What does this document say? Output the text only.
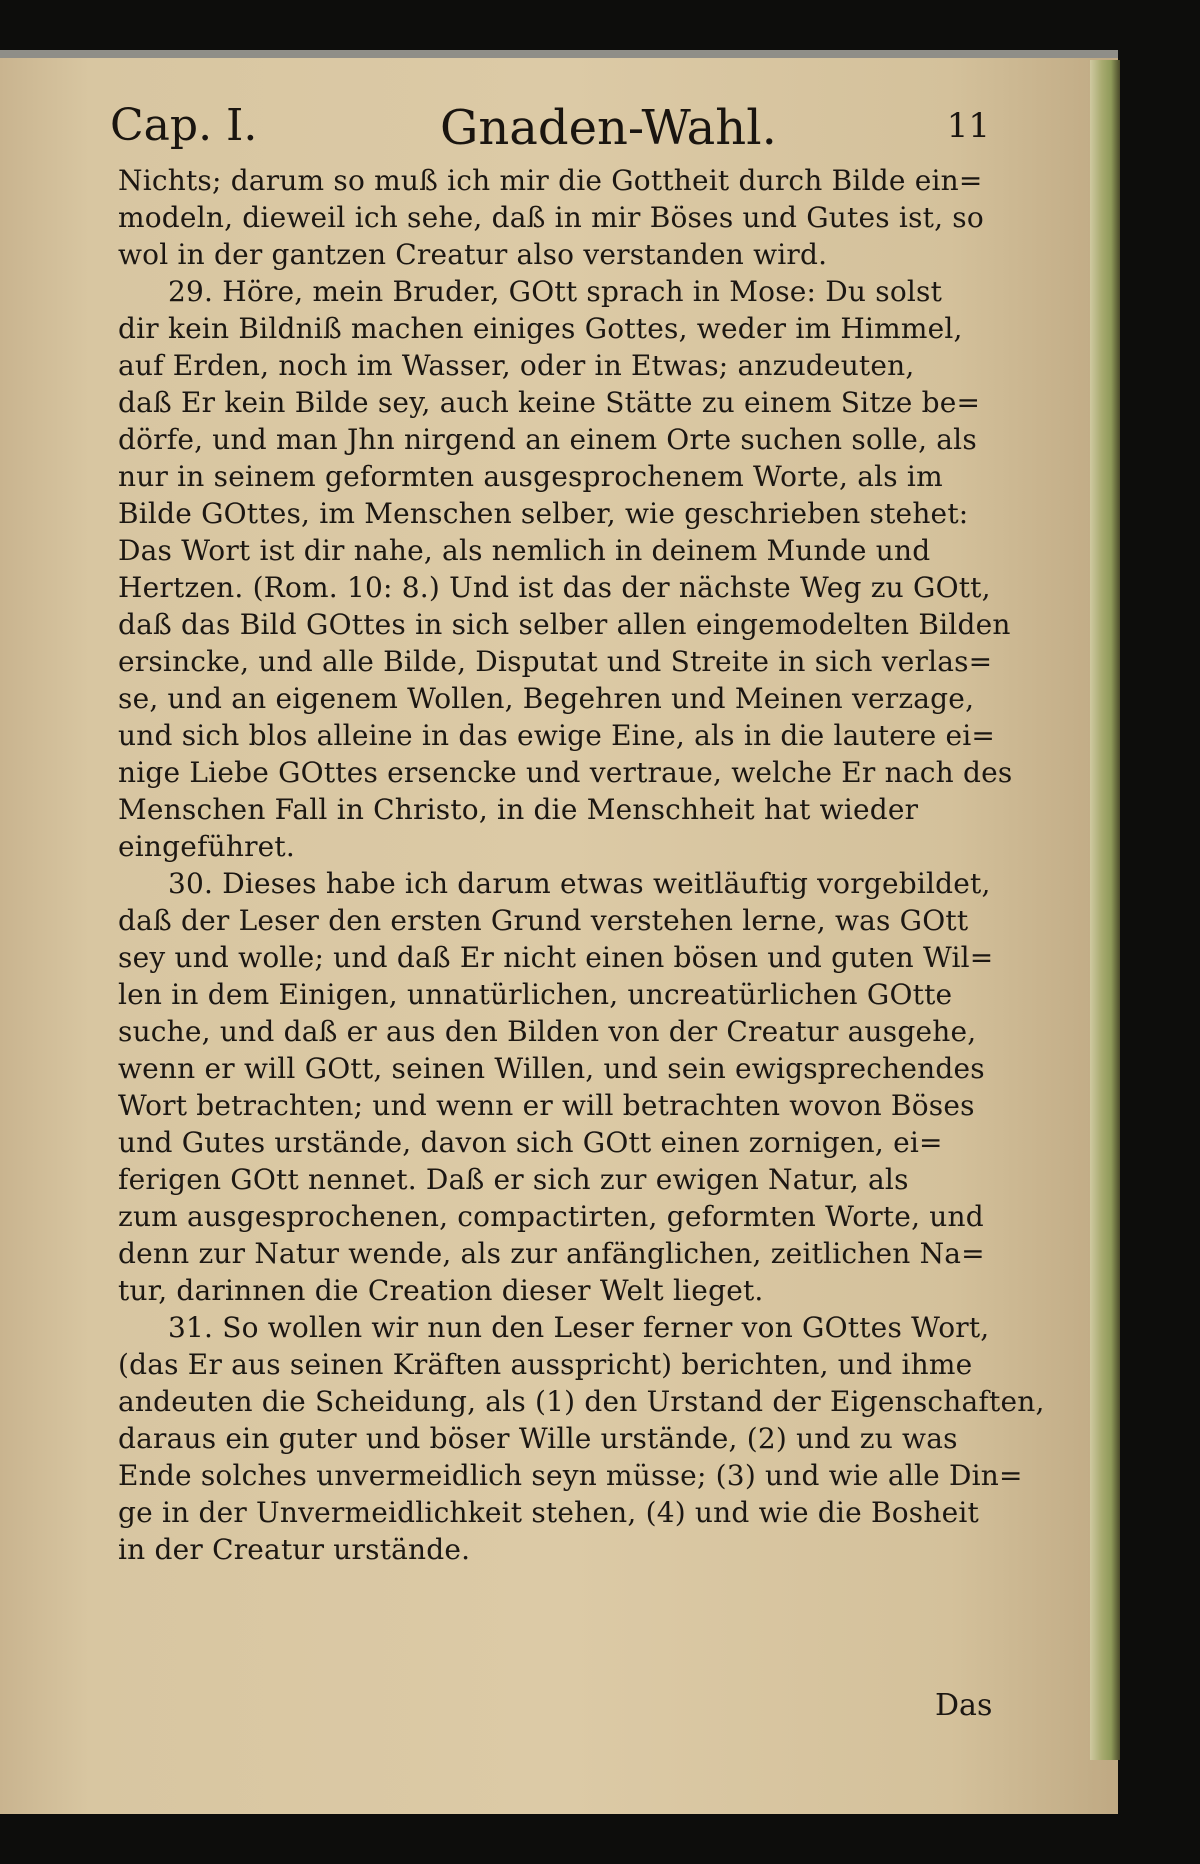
Cap. I.	Gnaden-Wahl.	11
Nichts; darum so muß ich mir die Gottheit durch Bilde ein=
modeln, dieweil ich sehe, daß in mir Böses und Gutes ist, so
wol in der gantzen Creatur also verstanden wird.
29. Höre, mein Bruder, GOtt sprach in Mose: Du solst
dir kein Bildniß machen einiges Gottes, weder im Himmel,
auf Erden, noch im Wasser, oder in Etwas; anzudeuten,
daß Er kein Bilde sey, auch keine Stätte zu einem Sitze be=
dörfe, und man Jhn nirgend an einem Orte suchen solle, als
nur in seinem geformten ausgesprochenem Worte, als im
Bilde GOttes, im Menschen selber, wie geschrieben stehet:
Das Wort ist dir nahe, als nemlich in deinem Munde und
Hertzen. (Rom. 10: 8.) Und ist das der nächste Weg zu GOtt,
daß das Bild GOttes in sich selber allen eingemodelten Bilden
ersincke, und alle Bilde, Disputat und Streite in sich verlas=
se, und an eigenem Wollen, Begehren und Meinen verzage,
und sich blos alleine in das ewige Eine, als in die lautere ei=
nige Liebe GOttes ersencke und vertraue, welche Er nach des
Menschen Fall in Christo, in die Menschheit hat wieder
eingeführet.
30. Dieses habe ich darum etwas weitläuftig vorgebildet,
daß der Leser den ersten Grund verstehen lerne, was GOtt
sey und wolle; und daß Er nicht einen bösen und guten Wil=
len in dem Einigen, unnatürlichen, uncreatürlichen GOtte
suche, und daß er aus den Bilden von der Creatur ausgehe,
wenn er will GOtt, seinen Willen, und sein ewigsprechendes
Wort betrachten; und wenn er will betrachten wovon Böses
und Gutes urstände, davon sich GOtt einen zornigen, ei=
ferigen GOtt nennet. Daß er sich zur ewigen Natur, als
zum ausgesprochenen, compactirten, geformten Worte, und
denn zur Natur wende, als zur anfänglichen, zeitlichen Na=
tur, darinnen die Creation dieser Welt lieget.
31. So wollen wir nun den Leser ferner von GOttes Wort,
(das Er aus seinen Kräften ausspricht) berichten, und ihme
andeuten die Scheidung, als (1) den Urstand der Eigenschaften,
daraus ein guter und böser Wille urstände, (2) und zu was
Ende solches unvermeidlich seyn müsse; (3) und wie alle Din=
ge in der Unvermeidlichkeit stehen, (4) und wie die Bosheit
in der Creatur urstände.
Das
